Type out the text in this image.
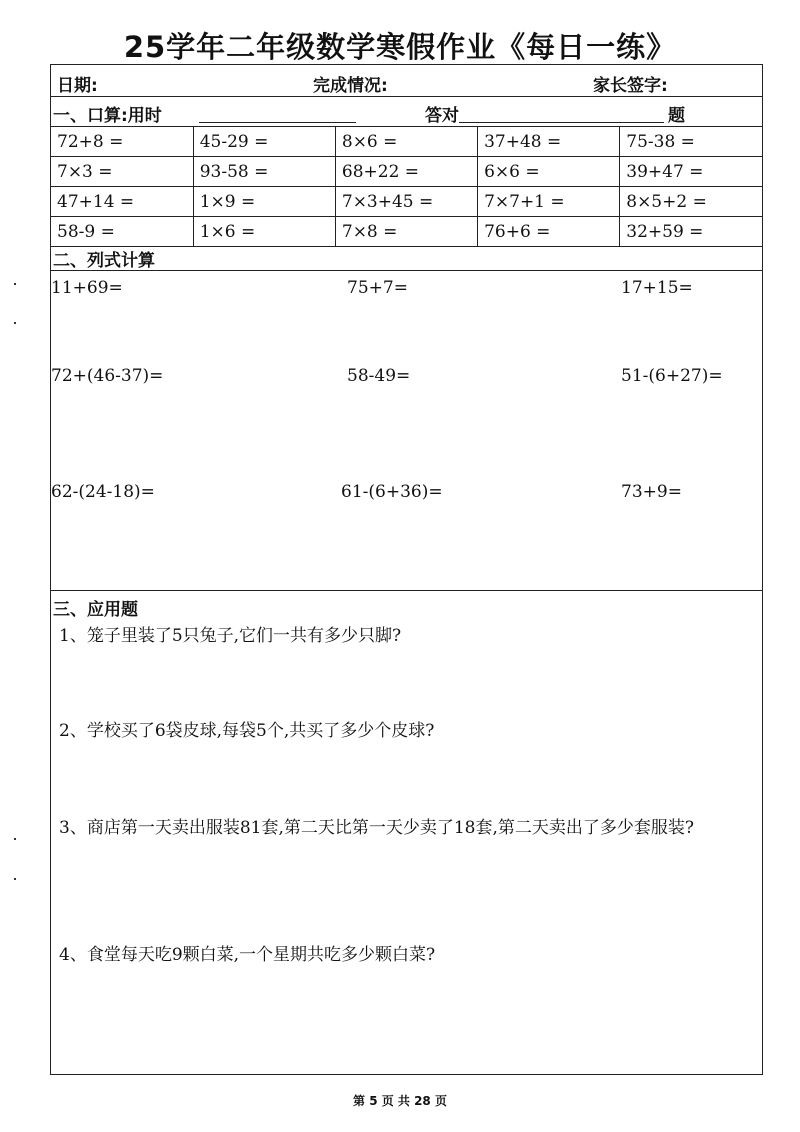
25学年二年级数学寒假作业《每日一练》
日期:	完成情况:	家长签字:
一、口算:用时	答对	题
72+8 =	45-29 =	8×6 =	37+48 =	75-38 =
7×3 =	93-58 =	68+22 =	6×6 =	39+47 =
47+14 =	1×9 =	7×3+45 =	7×7+1 =	8×5+2 =
58-9 =	1×6 =	7×8 =	76+6 =	32+59 =
二、列式计算
11+69=	75+7=	17+15=
72+(46-37)=	58-49=	51-(6+27)=
62-(24-18)=	61-(6+36)=	73+9=
三、应用题
1、笼子里装了5只兔子,它们一共有多少只脚?
2、学校买了6袋皮球,每袋5个,共买了多少个皮球?
3、商店第一天卖出服装81套,第二天比第一天少卖了18套,第二天卖出了多少套服装?
4、食堂每天吃9颗白菜,一个星期共吃多少颗白菜?
第 5 页 共 28 页
